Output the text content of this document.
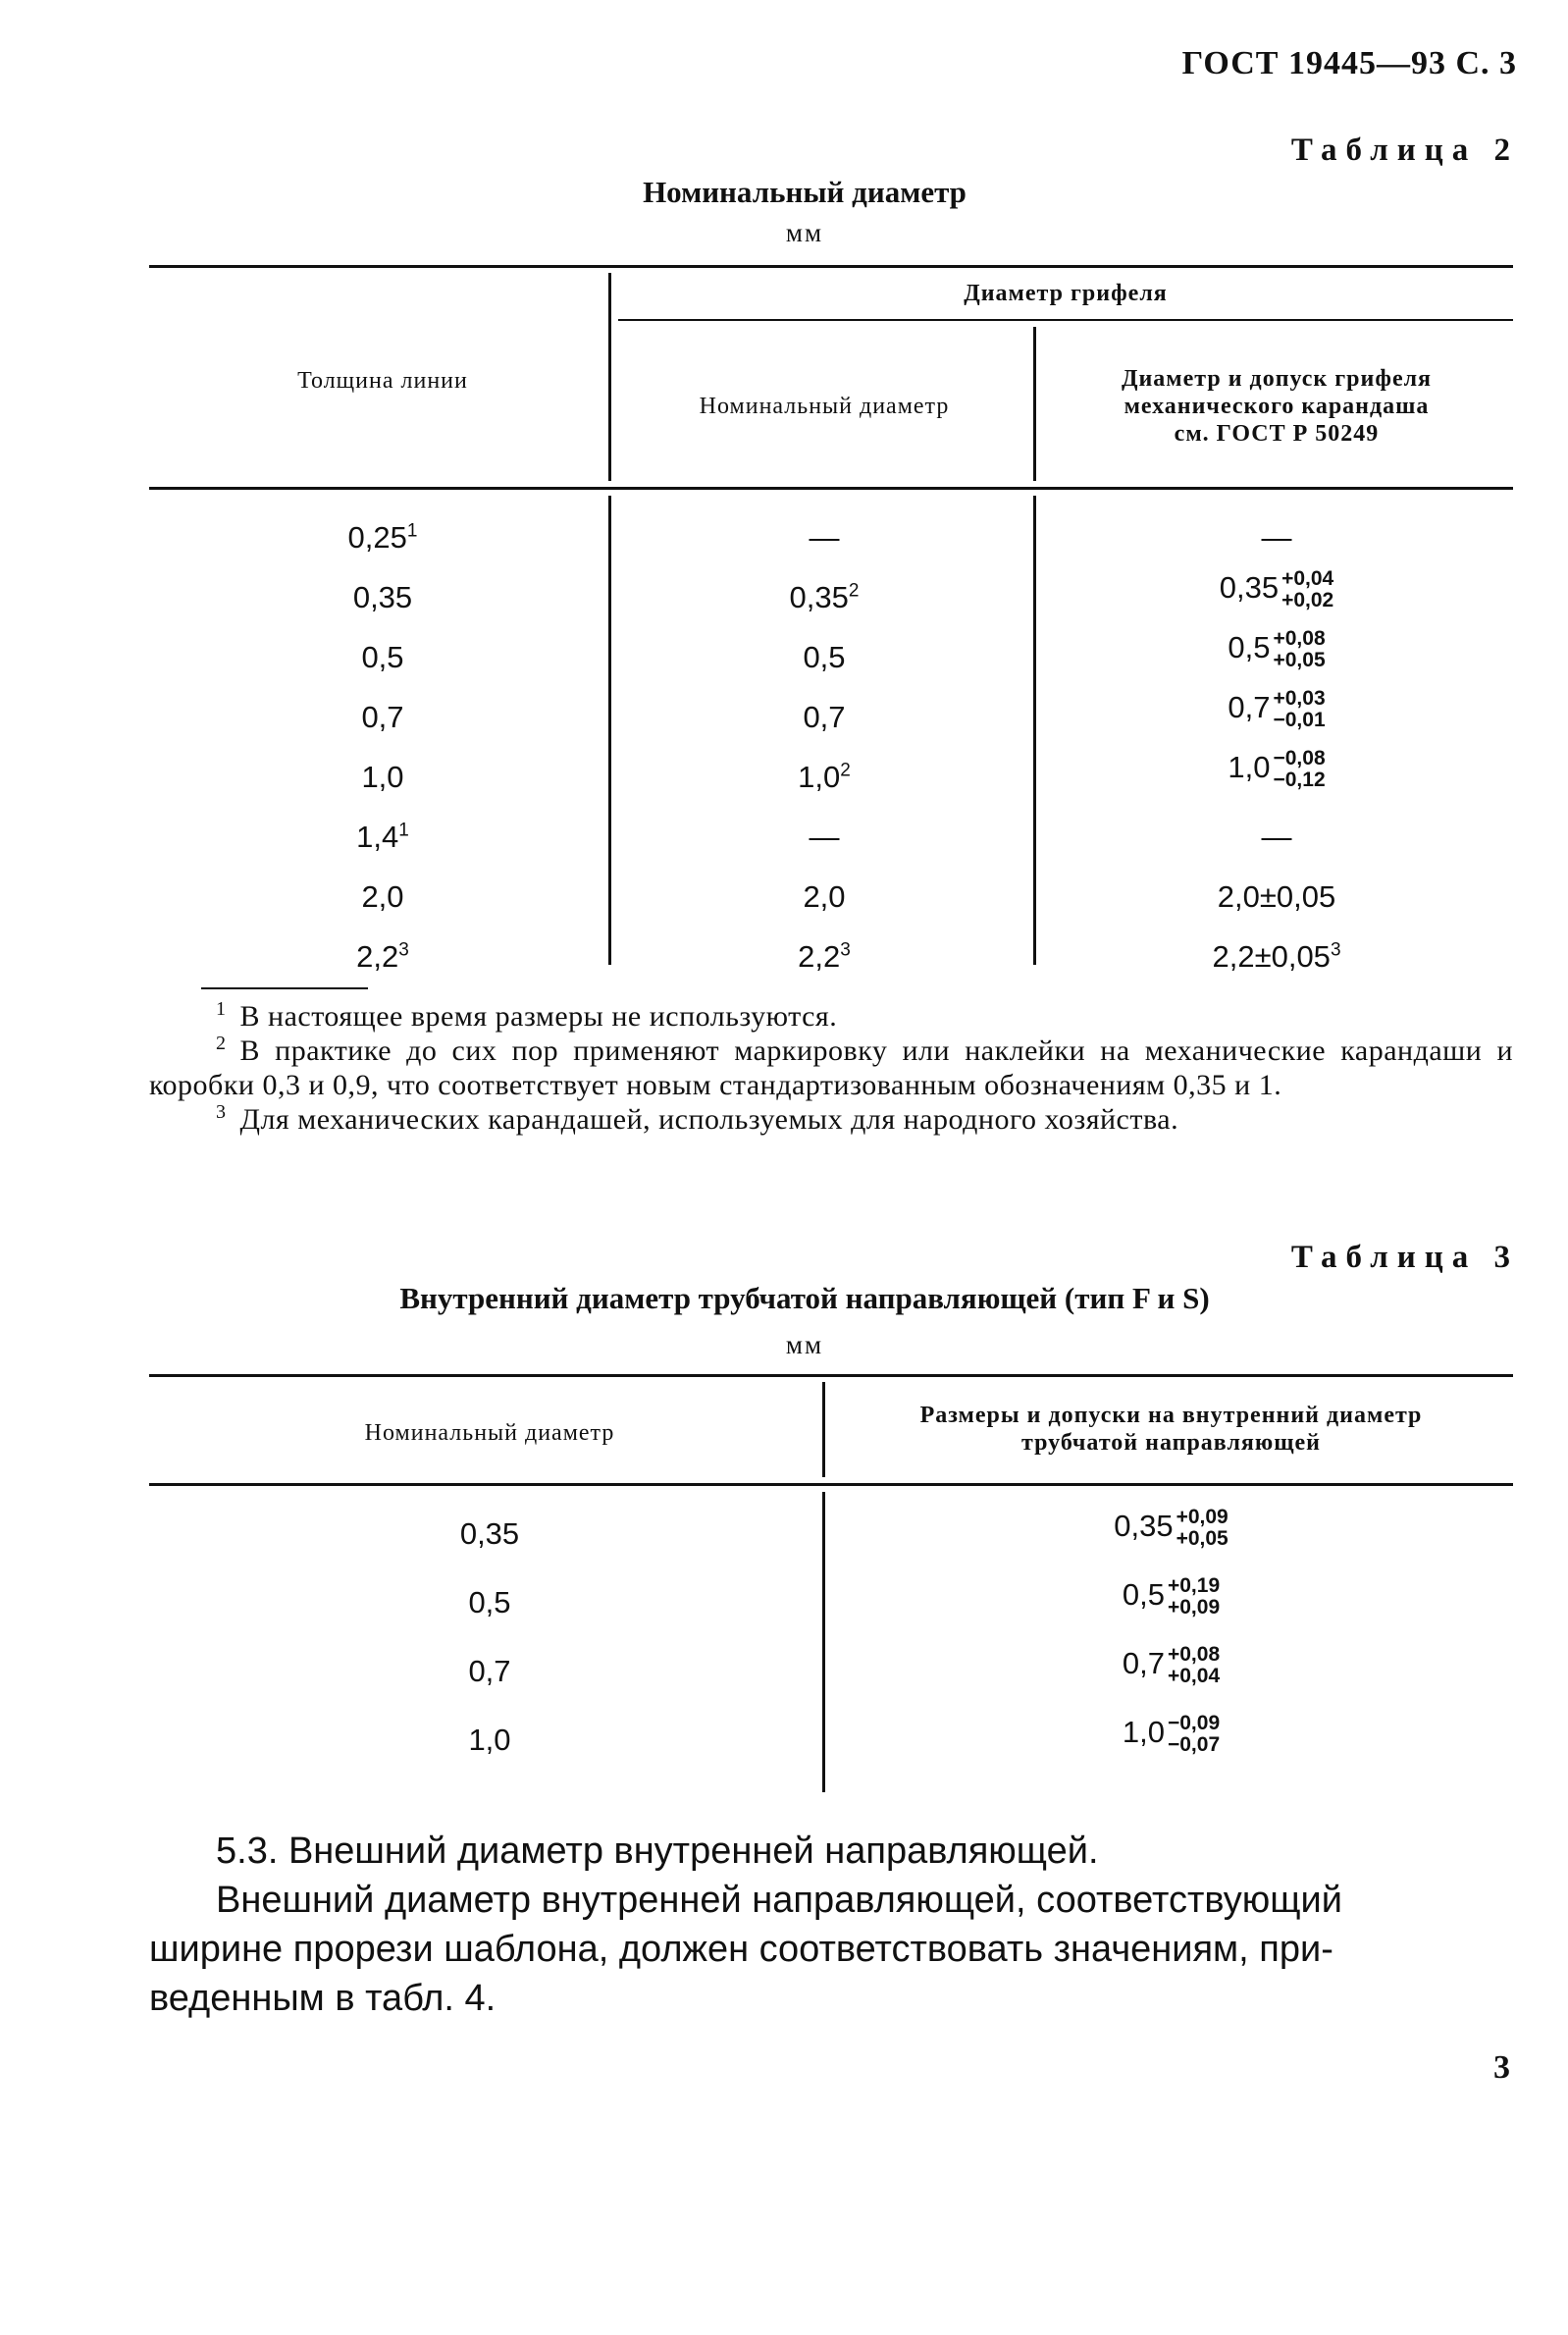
ГОСТ 19445—93 С. 3
Таблица 2
Номинальный диаметр
мм
Толщина линии
Диаметр грифеля
Номинальный диаметр
Диаметр и допуск грифеля
механического карандаша
см. ГОСТ Р 50249
0,25$^1$	—	—
0,35	0,35$^2$	0,35 +0,04
+0,02
0,5	0,5	0,5 +0,08
+0,05
0,7	0,7	0,7 +0,03
−0,01
1,0	$1,0^2$	1,0 −0,08
−0,12
$1,4^1$	—	—
2,0	2,0	2,0±0,05
$2,2^3$	$2,2^3$	$2,2\pm 0,05^3$
$^1$ В настоящее время размеры не используются.
$^2$ В практике до сих пор применяют маркировку или наклейки на механические карандаши и коробки 0,3 и 0,9, что соответствует новым стандартизованным обозначениям 0,35 и 1.
$^3$ Для механических карандашей, используемых для народного хозяйства.
Таблица 3
Внутренний диаметр трубчатой направляющей (тип F и S)
мм
Номинальный диаметр
Размеры и допуски на внутренний диаметр
трубчатой направляющей
0,35	0,35 +0,09
+0,05
0,5	0,5 +0,19
+0,09
0,7	0,7 +0,08
+0,04
1,0	1,0 −0,09
−0,07
5.3. Внешний диаметр внутренней направляющей.
Внешний диаметр внутренней направляющей, соответствующий
ширине прорези шаблона, должен соответствовать значениям, при-
веденным в табл. 4.
3
